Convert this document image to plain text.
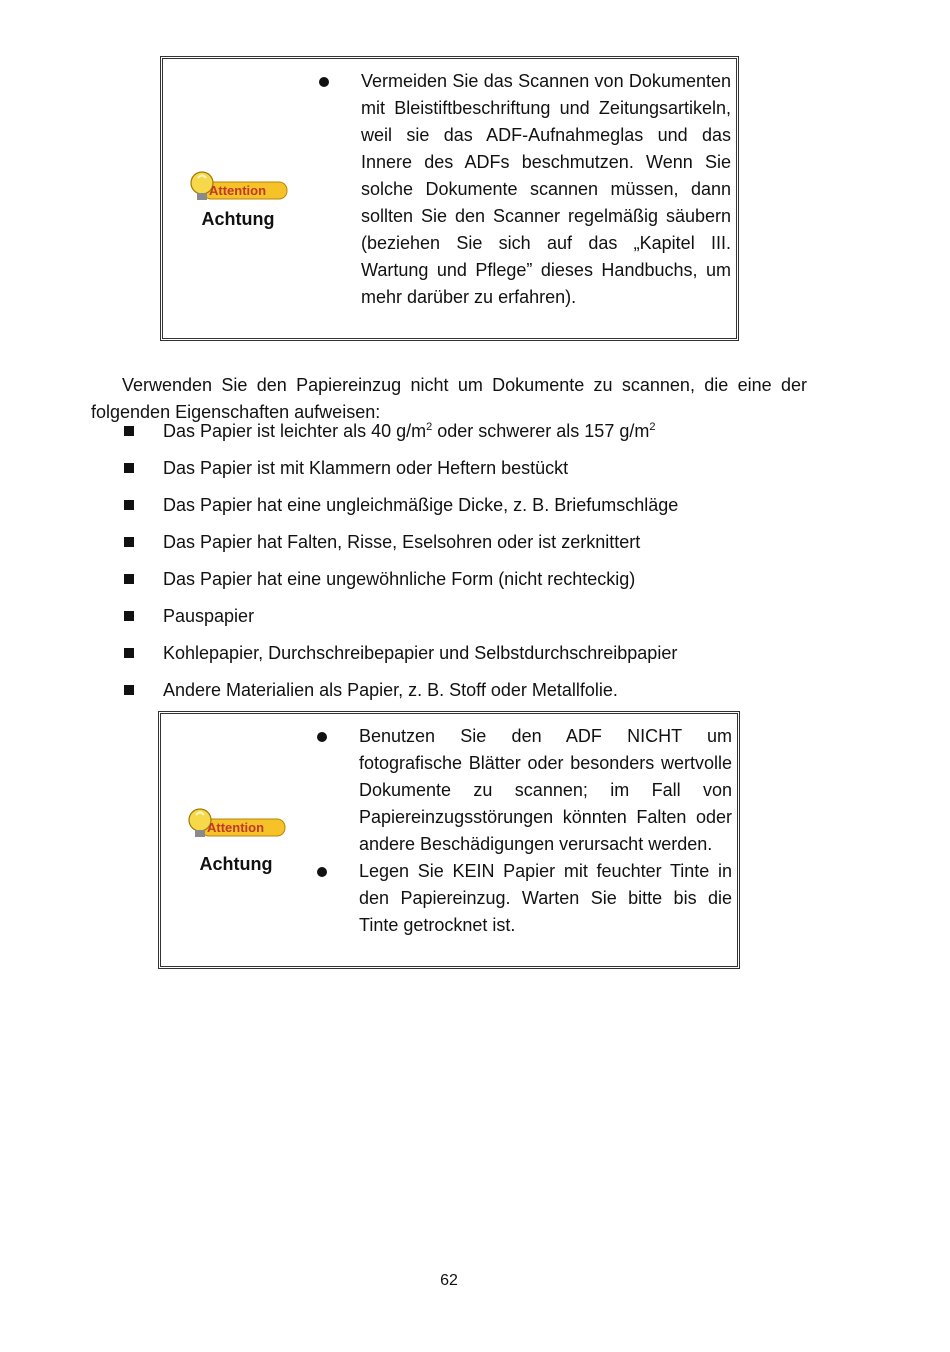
Attention
Achtung
Vermeiden Sie das Scannen von Dokumenten mit Bleistiftbeschriftung und Zeitungsartikeln, weil sie das ADF-Aufnahmeglas und das Innere des ADFs beschmutzen. Wenn Sie solche Dokumente scannen müssen, dann sollten Sie den Scanner regelmäßig säubern (beziehen Sie sich auf das „Kapitel III. Wartung und Pflege” dieses Handbuchs, um mehr darüber zu erfahren).

Verwenden Sie den Papiereinzug nicht um Dokumente zu scannen, die eine der folgenden Eigenschaften aufweisen:

Das Papier ist leichter als 40 $g/m^2$ oder schwerer als 157 $g/m^2$
Das Papier ist mit Klammern oder Heftern bestückt
Das Papier hat eine ungleichmäßige Dicke, z. B. Briefumschläge
Das Papier hat Falten, Risse, Eselsohren oder ist zerknittert
Das Papier hat eine ungewöhnliche Form (nicht rechteckig)
Pauspapier
Kohlepapier, Durchschreibepapier und Selbstdurchschreibpapier
Andere Materialien als Papier, z. B. Stoff oder Metallfolie.
Attention
Achtung
Benutzen Sie den ADF NICHT um fotografische Blätter oder besonders wertvolle Dokumente zu scannen; im Fall von Papiereinzugsstörungen könnten Falten oder andere Beschädigungen verursacht werden.
Legen Sie KEIN Papier mit feuchter Tinte in den Papiereinzug. Warten Sie bitte bis die Tinte getrocknet ist.
62
